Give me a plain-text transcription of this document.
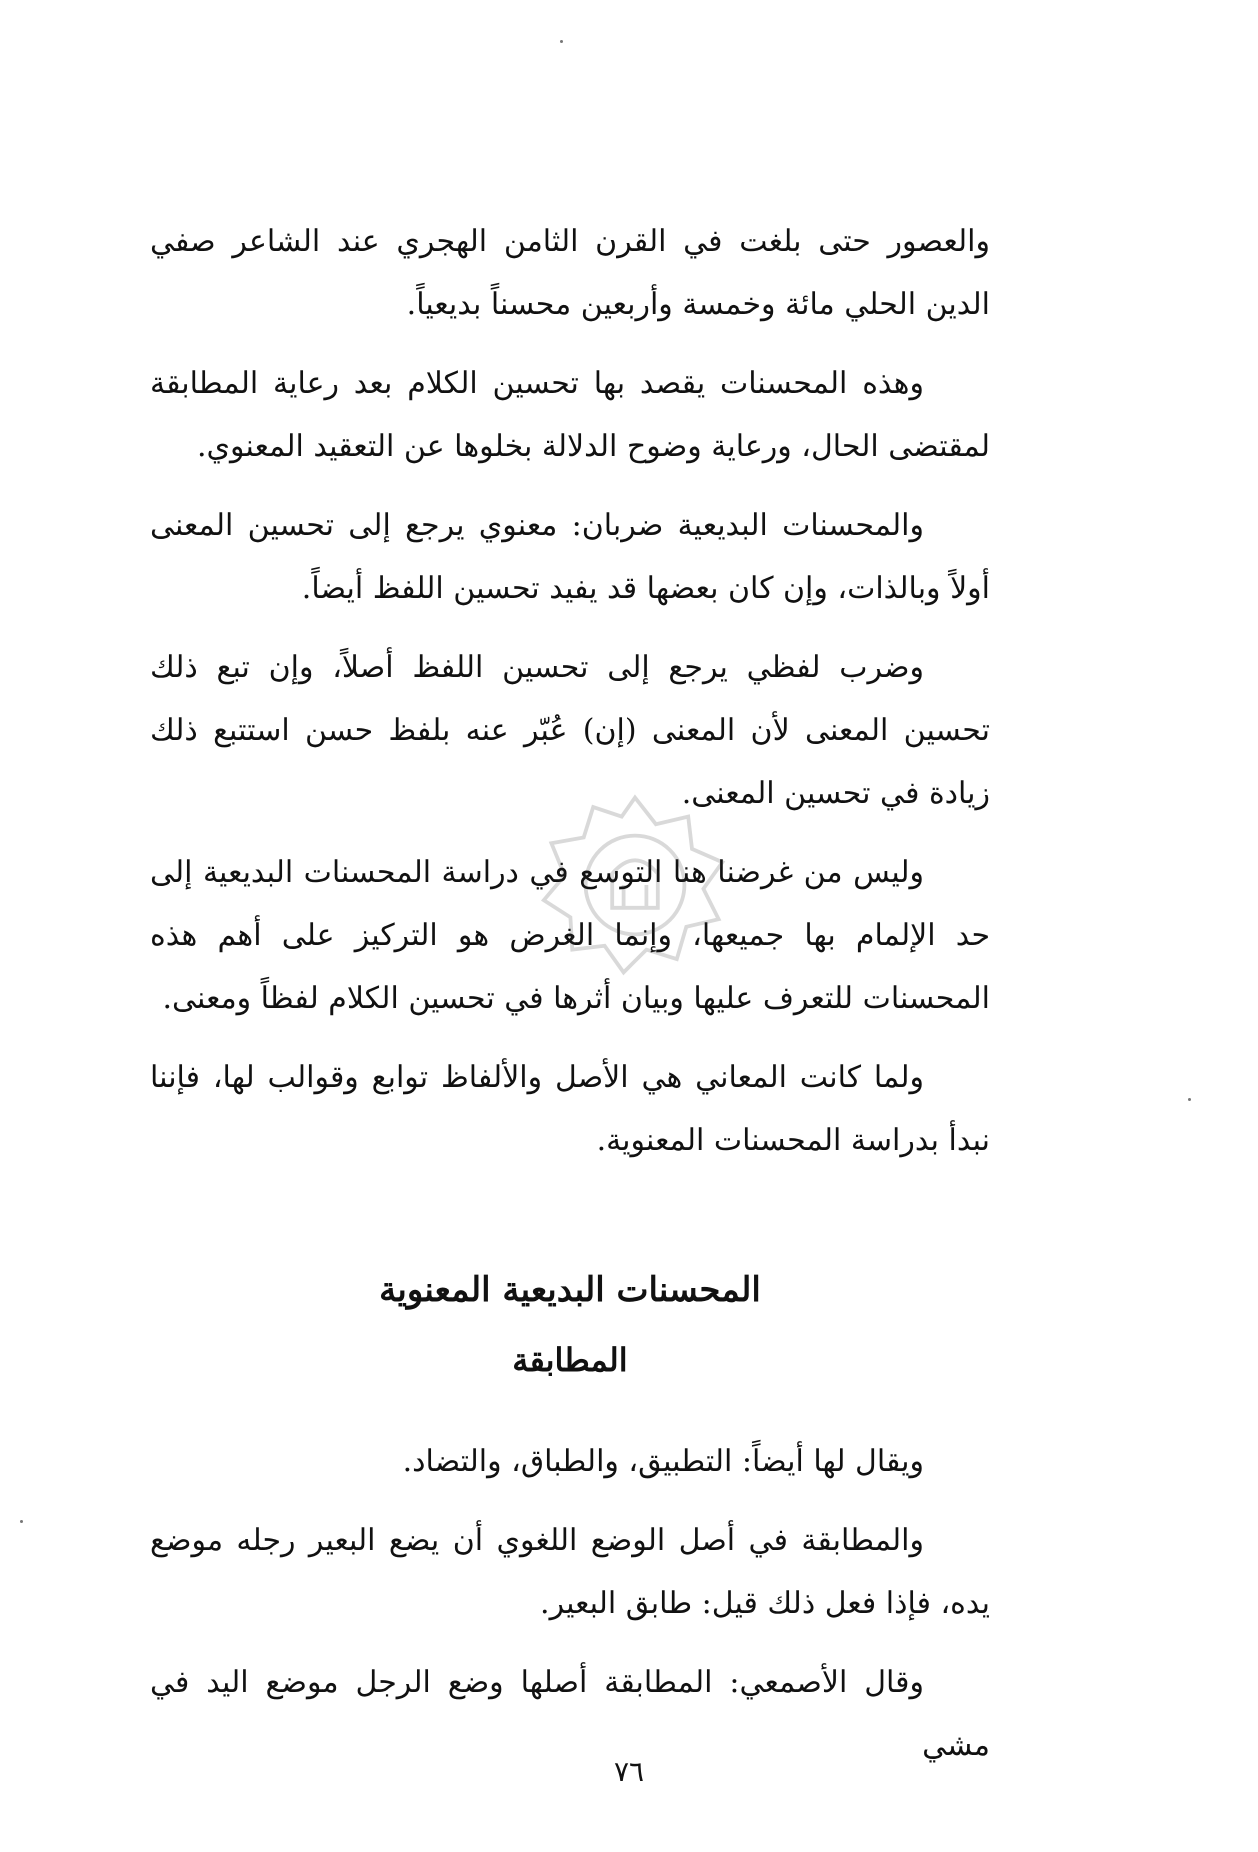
والعصور حتى بلغت في القرن الثامن الهجري عند الشاعر صفي الدين الحلي مائة وخمسة وأربعين محسناً بديعياً.

وهذه المحسنات يقصد بها تحسين الكلام بعد رعاية المطابقة لمقتضى الحال، ورعاية وضوح الدلالة بخلوها عن التعقيد المعنوي.

والمحسنات البديعية ضربان: معنوي يرجع إلى تحسين المعنى أولاً وبالذات، وإن كان بعضها قد يفيد تحسين اللفظ أيضاً.

وضرب لفظي يرجع إلى تحسين اللفظ أصلاً، وإن تبع ذلك تحسين المعنى لأن المعنى (إن) عُبّر عنه بلفظ حسن استتبع ذلك زيادة في تحسين المعنى.

وليس من غرضنا هنا التوسع في دراسة المحسنات البديعية إلى حد الإلمام بها جميعها، وإنما الغرض هو التركيز على أهم هذه المحسنات للتعرف عليها وبيان أثرها في تحسين الكلام لفظاً ومعنى.

ولما كانت المعاني هي الأصل والألفاظ توابع وقوالب لها، فإننا نبدأ بدراسة المحسنات المعنوية.

المحسنات البديعية المعنوية
المطابقة

ويقال لها أيضاً: التطبيق، والطباق، والتضاد.

والمطابقة في أصل الوضع اللغوي أن يضع البعير رجله موضع يده، فإذا فعل ذلك قيل: طابق البعير.

وقال الأصمعي: المطابقة أصلها وضع الرجل موضع اليد في مشي

٧٦
